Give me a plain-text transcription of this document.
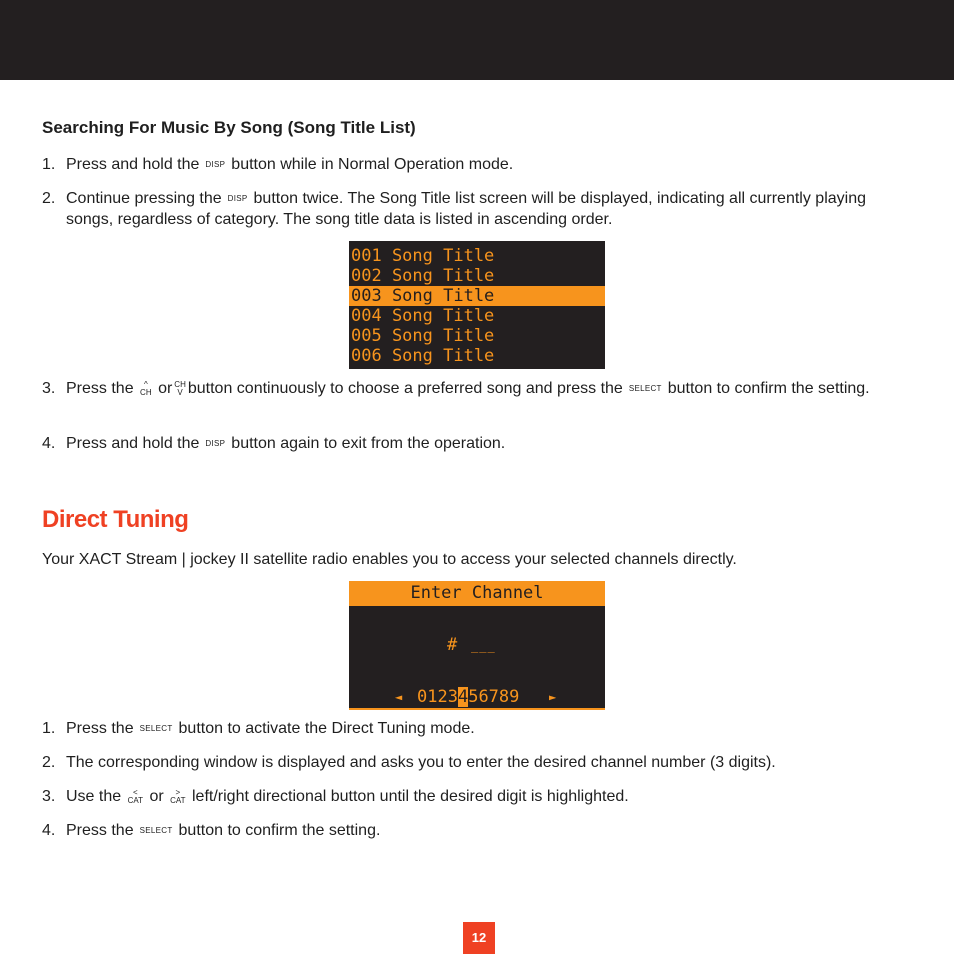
Searching For Music By Song (Song Title List)
1. Press and hold the DISP button while in Normal Operation mode.
2. Continue pressing the DISP button twice. The Song Title list screen will be displayed, indicating all currently playing songs, regardless of category. The song title data is listed in ascending order.
001 Song Title
002 Song Title
003 Song Title
004 Song Title
005 Song Title
006 Song Title
3. Press the	^
CH or CH
V button continuously to choose a preferred song and press the SELECT button to confirm the setting.
4. Press and hold the DISP button again to exit from the operation.
Direct Tuning
Your XACT Stream | jockey II satellite radio enables you to access your selected channels directly.
Enter Channel
# ___
◄ 0123456789 ►
1. Press the SELECT button to activate the Direct Tuning mode.
2. The corresponding window is displayed and asks you to enter the desired channel number (3 digits).
3. Use the	<
CAT or	>
CAT left/right directional button until the desired digit is highlighted.
4. Press the SELECT button to confirm the setting.
12
